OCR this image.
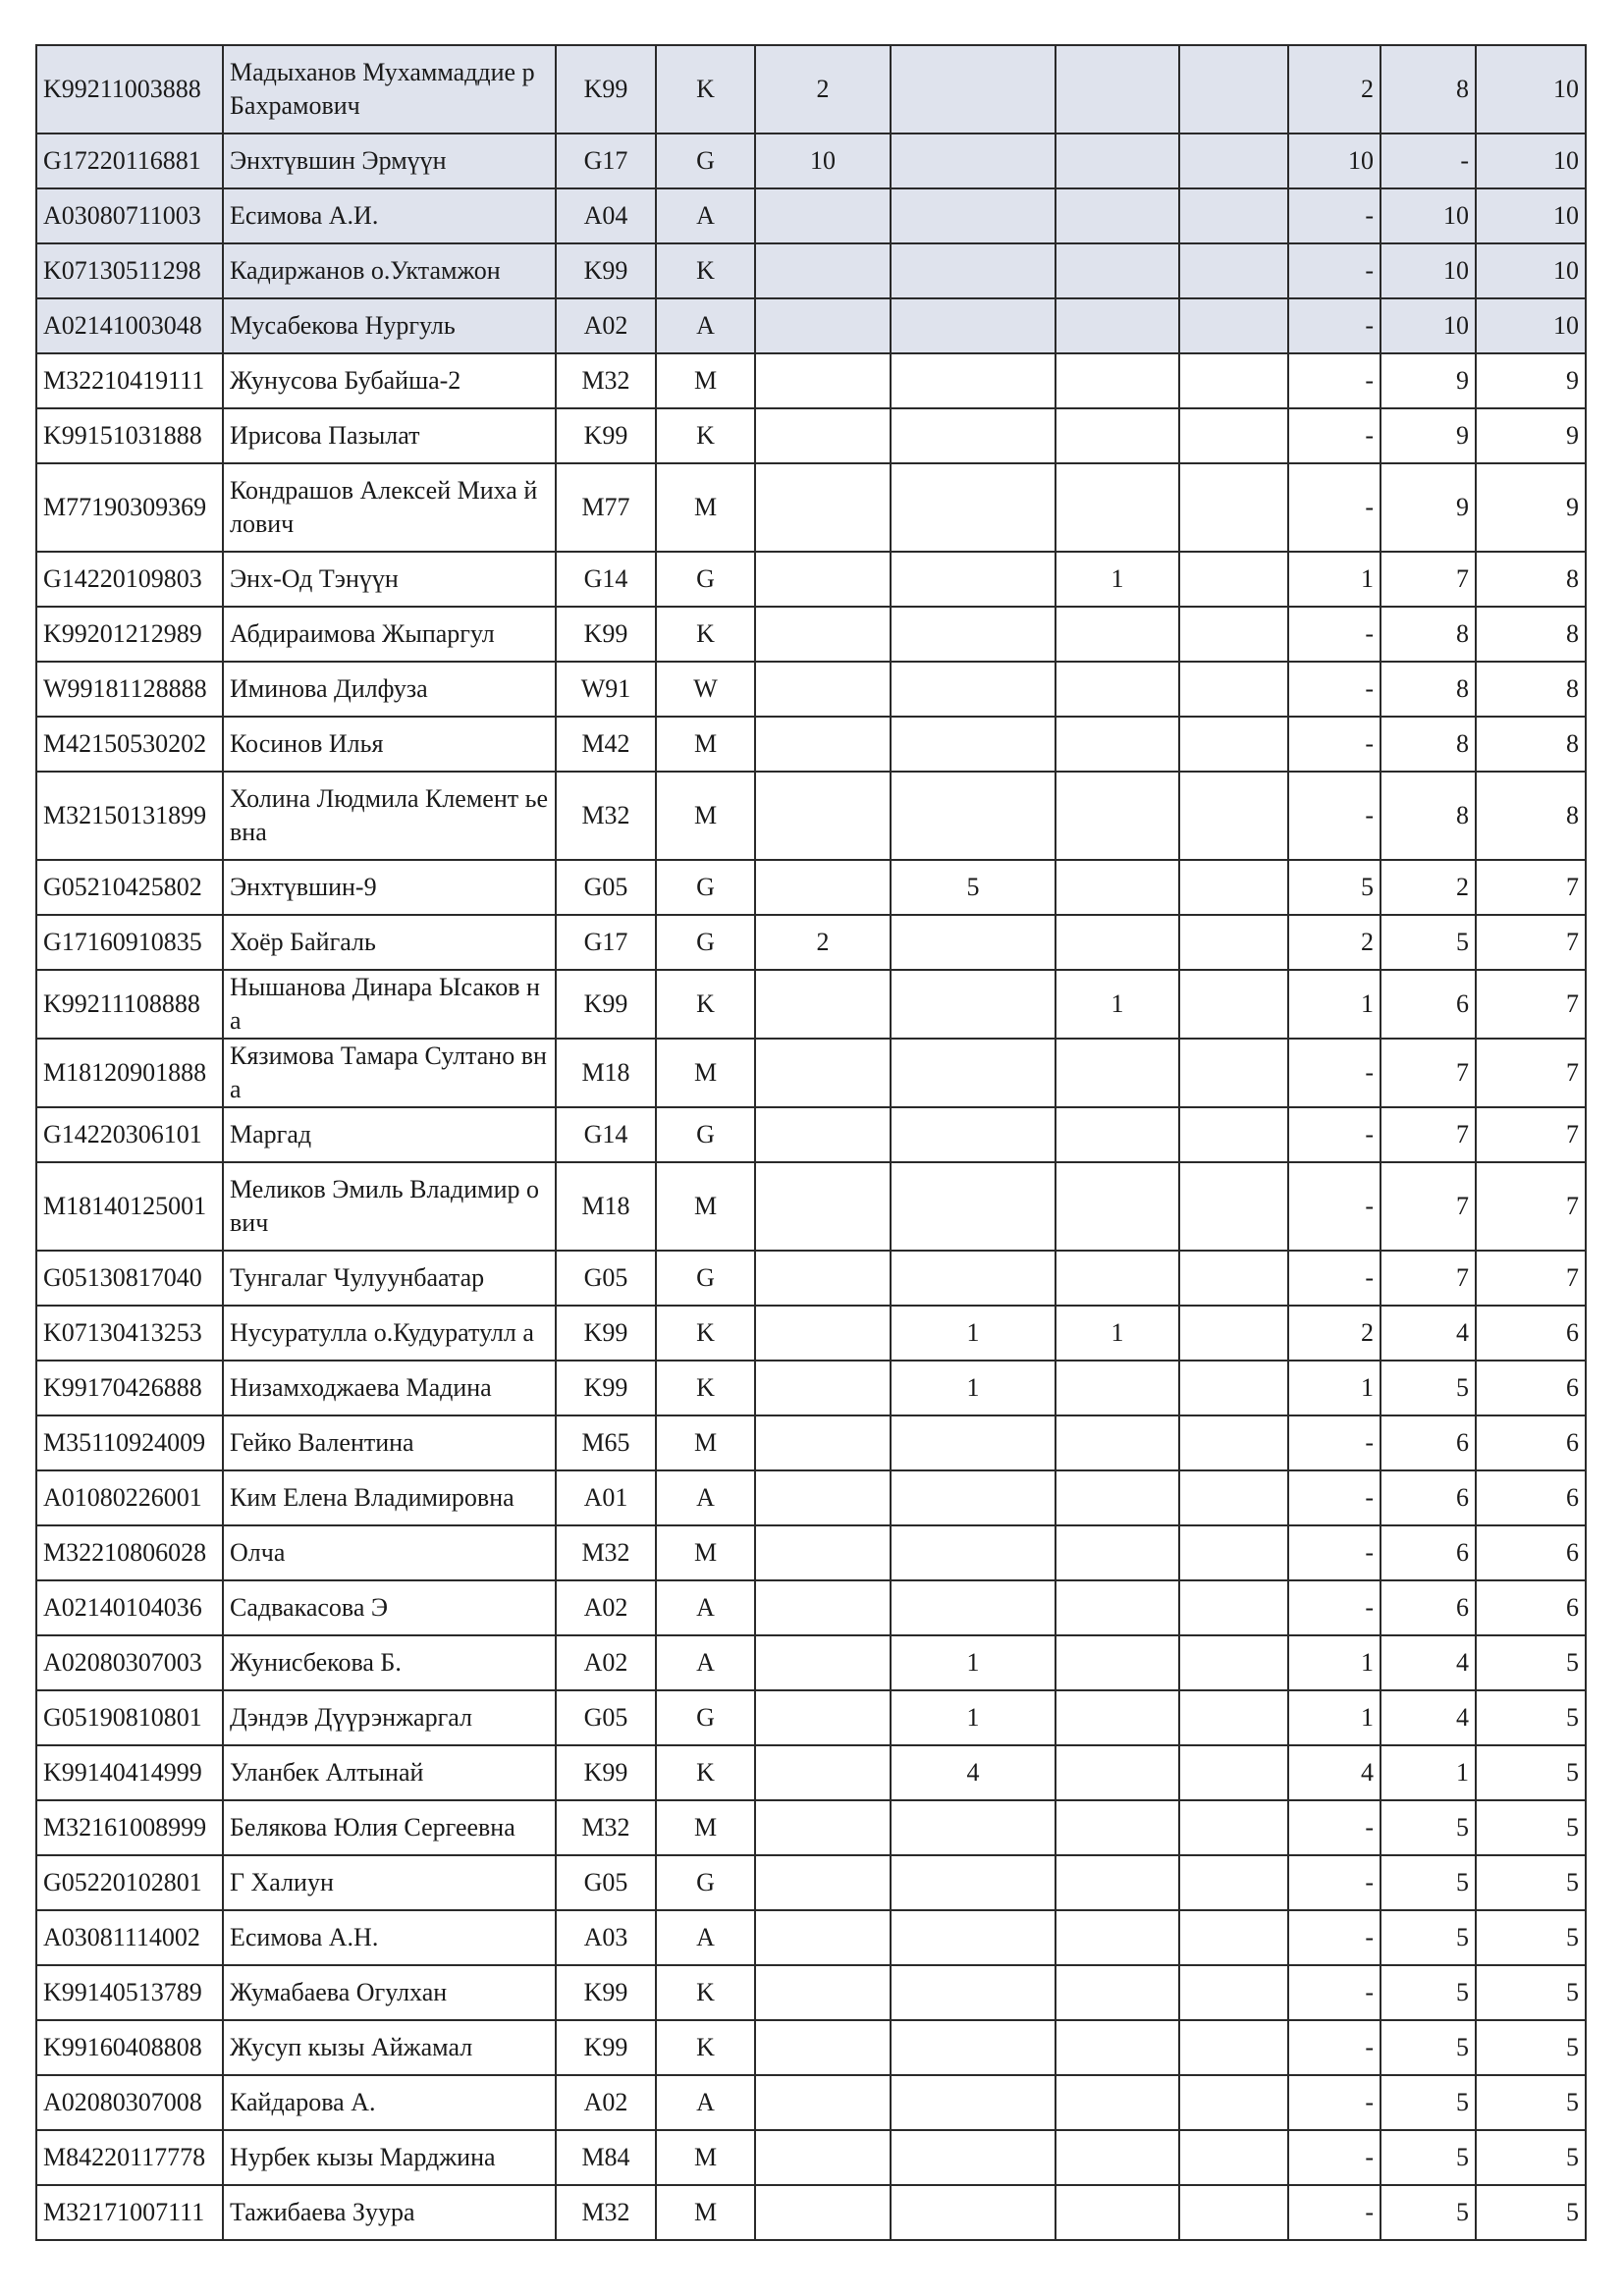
K99211003888	Мадыханов Мухаммаддие р Бахрамович	K99	K	2				2	8	10
G17220116881	Энхтүвшин Эрмүүн	G17	G	10				10	-	10
A03080711003	Есимова А.И.	A04	A					-	10	10
K07130511298	Кадиржанов о.Уктамжон	K99	K					-	10	10
A02141003048	Мусабекова Нургуль	A02	A					-	10	10
M32210419111	Жунусова Бубайша-2	M32	M					-	9	9
K99151031888	Ирисова Пазылат	K99	K					-	9	9
M77190309369	Кондрашов Алексей Миха йлович	M77	M					-	9	9
G14220109803	Энх-Од Тэнүүн	G14	G			1		1	7	8
K99201212989	Абдираимова Жыпаргул	K99	K					-	8	8
W99181128888	Иминова Дилфуза	W91	W					-	8	8
M42150530202	Косинов Илья	M42	M					-	8	8
M32150131899	Холина Людмила Клемент ьевна	M32	M					-	8	8
G05210425802	Энхтүвшин-9	G05	G		5			5	2	7
G17160910835	Хоёр Байгаль	G17	G	2				2	5	7
K99211108888	Нышанова Динара Ысаков на	K99	K			1		1	6	7
M18120901888	Кязимова Тамара Султано вна	M18	M					-	7	7
G14220306101	Маргад	G14	G					-	7	7
M18140125001	Меликов Эмиль Владимир ович	M18	M					-	7	7
G05130817040	Тунгалаг Чулуунбаатар	G05	G					-	7	7
K07130413253	Нусуратулла о.Кудуратулл а	K99	K		1	1		2	4	6
K99170426888	Низамходжаева Мадина	K99	K		1			1	5	6
M35110924009	Гейко Валентина	M65	M					-	6	6
A01080226001	Ким Елена Владимировна	A01	A					-	6	6
M32210806028	Олча	M32	M					-	6	6
A02140104036	Садвакасова Э	A02	A					-	6	6
A02080307003	Жунисбекова Б.	A02	A		1			1	4	5
G05190810801	Дэндэв Дүүрэнжаргал	G05	G		1			1	4	5
K99140414999	Уланбек Алтынай	K99	K		4			4	1	5
M32161008999	Белякова Юлия Сергеевна	M32	M					-	5	5
G05220102801	Г Халиун	G05	G					-	5	5
A03081114002	Есимова А.Н.	A03	A					-	5	5
K99140513789	Жумабаева Огулхан	K99	K					-	5	5
K99160408808	Жусуп кызы Айжамал	K99	K					-	5	5
A02080307008	Кайдарова А.	A02	A					-	5	5
M84220117778	Нурбек кызы Марджина	M84	M					-	5	5
M32171007111	Тажибаева Зуура	M32	M					-	5	5
